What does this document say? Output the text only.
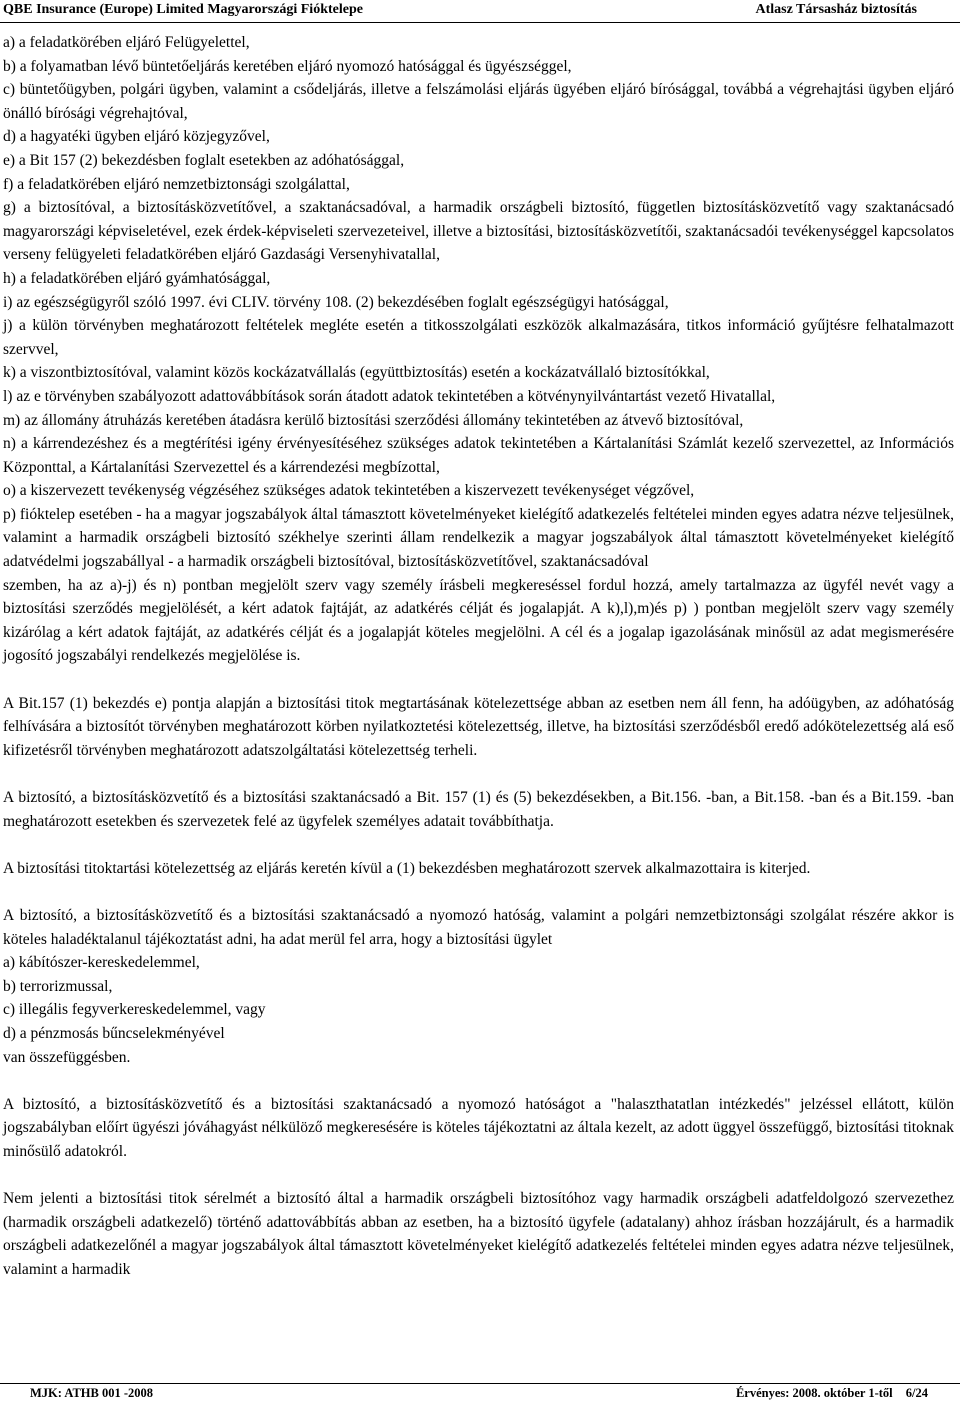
QBE Insurance (Europe) Limited Magyarországi Fióktelepe	Atlasz Társasház biztosítás

a) a feladatkörében eljáró Felügyelettel,

b) a folyamatban lévő büntetőeljárás keretében eljáró nyomozó hatósággal és ügyészséggel,

c) büntetőügyben, polgári ügyben, valamint a csődeljárás, illetve a felszámolási eljárás ügyében eljáró bírósággal, továbbá a végrehajtási ügyben eljáró önálló bírósági végrehajtóval,

d) a hagyatéki ügyben eljáró közjegyzővel,

e) a Bit 157 (2) bekezdésben foglalt esetekben az adóhatósággal,

f) a feladatkörében eljáró nemzetbiztonsági szolgálattal,

g) a biztosítóval, a biztosításközvetítővel, a szaktanácsadóval, a harmadik országbeli biztosító, független biztosításközvetítő vagy szaktanácsadó magyarországi képviseletével, ezek érdek-képviseleti szervezeteivel, illetve a biztosítási, biztosításközvetítői, szaktanácsadói tevékenységgel kapcsolatos verseny felügyeleti feladatkörében eljáró Gazdasági Versenyhivatallal,

h) a feladatkörében eljáró gyámhatósággal,

i) az egészségügyről szóló 1997. évi CLIV. törvény 108. (2) bekezdésében foglalt egészségügyi hatósággal,

j) a külön törvényben meghatározott feltételek megléte esetén a titkosszolgálati eszközök alkalmazására, titkos információ gyűjtésre felhatalmazott szervvel,

k) a viszontbiztosítóval, valamint közös kockázatvállalás (együttbiztosítás) esetén a kockázatvállaló biztosítókkal,

l) az e törvényben szabályozott adattovábbítások során átadott adatok tekintetében a kötvénynyilvántartást vezető Hivatallal,

m) az állomány átruházás keretében átadásra kerülő biztosítási szerződési állomány tekintetében az átvevő biztosítóval,

n) a kárrendezéshez és a megtérítési igény érvényesítéséhez szükséges adatok tekintetében a Kártalanítási Számlát kezelő szervezettel, az Információs Központtal, a Kártalanítási Szervezettel és a kárrendezési megbízottal,

o) a kiszervezett tevékenység végzéséhez szükséges adatok tekintetében a kiszervezett tevékenységet végzővel,

p) fióktelep esetében - ha a magyar jogszabályok által támasztott követelményeket kielégítő adatkezelés feltételei minden egyes adatra nézve teljesülnek, valamint a harmadik országbeli biztosító székhelye szerinti állam rendelkezik a magyar jogszabályok által támasztott követelményeket kielégítő adatvédelmi jogszabállyal - a harmadik országbeli biztosítóval, biztosításközvetítővel, szaktanácsadóval

szemben, ha az a)-j) és n) pontban megjelölt szerv vagy személy írásbeli megkereséssel fordul hozzá, amely tartalmazza az ügyfél nevét vagy a biztosítási szerződés megjelölését, a kért adatok fajtáját, az adatkérés célját és jogalapját. A k),l),m)és p) ) pontban megjelölt szerv vagy személy kizárólag a kért adatok fajtáját, az adatkérés célját és a jogalapját köteles megjelölni. A cél és a jogalap igazolásának minősül az adat megismerésére jogosító jogszabályi rendelkezés megjelölése is.

A Bit.157 (1) bekezdés e) pontja alapján a biztosítási titok megtartásának kötelezettsége abban az esetben nem áll fenn, ha adóügyben, az adóhatóság felhívására a biztosítót törvényben meghatározott körben nyilatkoztetési kötelezettség, illetve, ha biztosítási szerződésből eredő adókötelezettség alá eső kifizetésről törvényben meghatározott adatszolgáltatási kötelezettség terheli.

A biztosító, a biztosításközvetítő és a biztosítási szaktanácsadó a Bit. 157 (1) és (5) bekezdésekben, a Bit.156. -ban, a Bit.158. -ban és a Bit.159. -ban meghatározott esetekben és szervezetek felé az ügyfelek személyes adatait továbbíthatja.

A biztosítási titoktartási kötelezettség az eljárás keretén kívül a (1) bekezdésben meghatározott szervek alkalmazottaira is kiterjed.

A biztosító, a biztosításközvetítő és a biztosítási szaktanácsadó a nyomozó hatóság, valamint a polgári nemzetbiztonsági szolgálat részére akkor is köteles haladéktalanul tájékoztatást adni, ha adat merül fel arra, hogy a biztosítási ügylet

a) kábítószer-kereskedelemmel,

b) terrorizmussal,

c) illegális fegyverkereskedelemmel, vagy

d) a pénzmosás bűncselekményével

van összefüggésben.

A biztosító, a biztosításközvetítő és a biztosítási szaktanácsadó a nyomozó hatóságot a "halaszthatatlan intézkedés" jelzéssel ellátott, külön jogszabályban előírt ügyészi jóváhagyást nélkülöző megkeresésére is köteles tájékoztatni az általa kezelt, az adott üggyel összefüggő, biztosítási titoknak minősülő adatokról.

Nem jelenti a biztosítási titok sérelmét a biztosító által a harmadik országbeli biztosítóhoz vagy harmadik országbeli adatfeldolgozó szervezethez (harmadik országbeli adatkezelő) történő adattovábbítás abban az esetben, ha a biztosító ügyfele (adatalany) ahhoz írásban hozzájárult, és a harmadik országbeli adatkezelőnél a magyar jogszabályok által támasztott követelményeket kielégítő adatkezelés feltételei minden egyes adatra nézve teljesülnek, valamint a harmadik

MJK: ATHB 001 -2008	Érvényes: 2008. október 1-től 6/24
